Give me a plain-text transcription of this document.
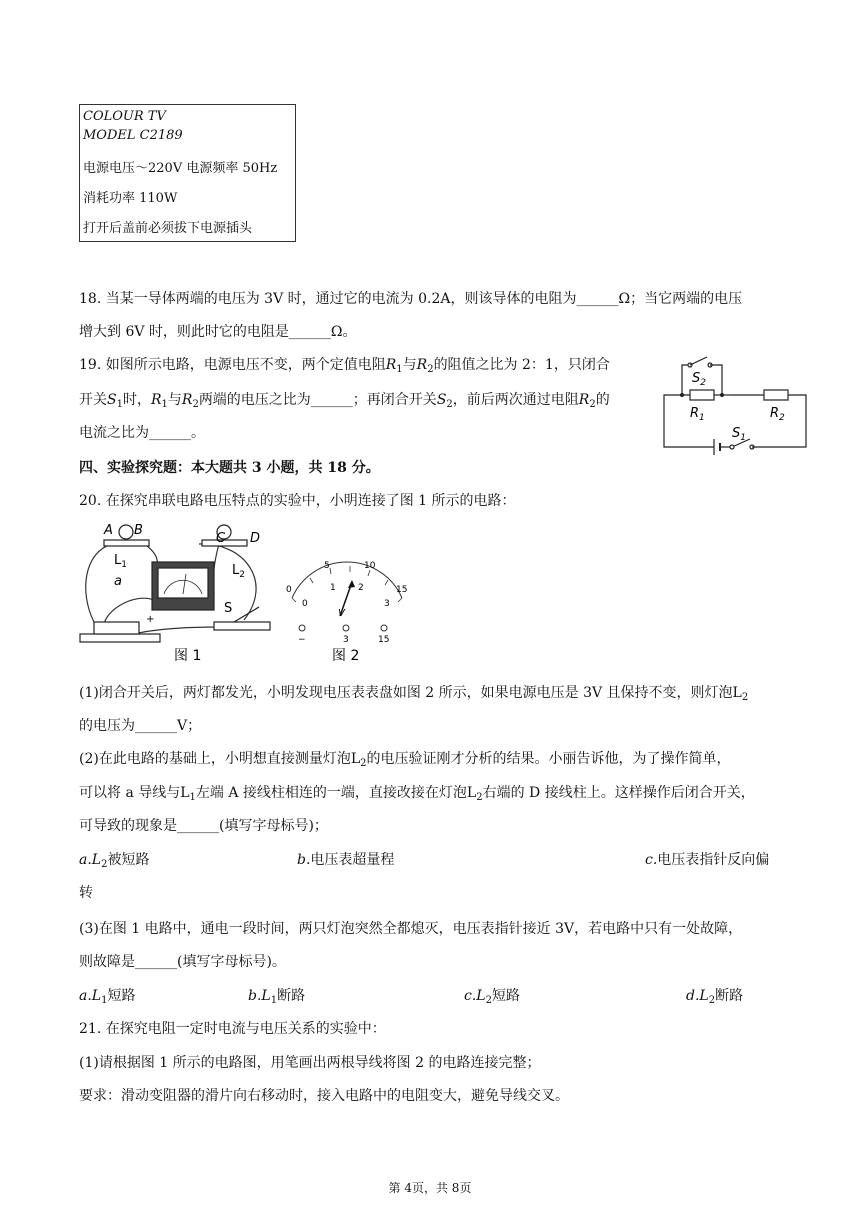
COLOUR TV
MODEL C2189
电源电压～220V 电源频率 50Hz
消耗功率 110W
打开后盖前必须拔下电源插头
18. 当某一导体两端的电压为 3V 时，通过它的电流为 0.2A，则该导体的电阻为______Ω；当它两端的电压
增大到 6V 时，则此时它的电阻是______Ω。
19. 如图所示电路，电源电压不变，两个定值电阻$R_1$与$R_2$的阻值之比为 2：1，只闭合
开关$S_1$时，$R_1$与$R_2$两端的电压之比为______；再闭合开关$S_2$，前后两次通过电阻$R_2$的
电流之比为______。
$S_2$
$R_1$	$R_2$
$S_1$
四、实验探究题：本大题共 3 小题，共 18 分。
20. 在探究串联电路电压特点的实验中，小明连接了图 1 所示的电路：
A B
C D
$L_1$	$L_2$
a
S
+
图 1
0
5	10
15
0
1 2
3
V
−	3	15
图 2
(1)闭合开关后，两灯都发光，小明发现电压表表盘如图 2 所示，如果电源电压是 3V 且保持不变，则灯泡$L_2$
的电压为______V；
(2)在此电路的基础上，小明想直接测量灯泡$L_2$的电压验证刚才分析的结果。小丽告诉他，为了操作简单，
可以将 a 导线与$L_1$左端 A 接线柱相连的一端，直接改接在灯泡$L_2$右端的 D 接线柱上。这样操作后闭合开关，
可导致的现象是______(填写字母标号)；
$a.L_2$被短路	b.电压表超量程	c.电压表指针反向偏
转
(3)在图 1 电路中，通电一段时间，两只灯泡突然全都熄灭，电压表指针接近 3V，若电路中只有一处故障，
则故障是______(填写字母标号)。
$a.L_1$短路	$b.L_1$断路	$c.L_2$短路	$d.L_2$断路
21. 在探究电阻一定时电流与电压关系的实验中：
(1)请根据图 1 所示的电路图，用笔画出两根导线将图 2 的电路连接完整；
要求：滑动变阻器的滑片向右移动时，接入电路中的电阻变大，避免导线交叉。
第 4页，共 8页
